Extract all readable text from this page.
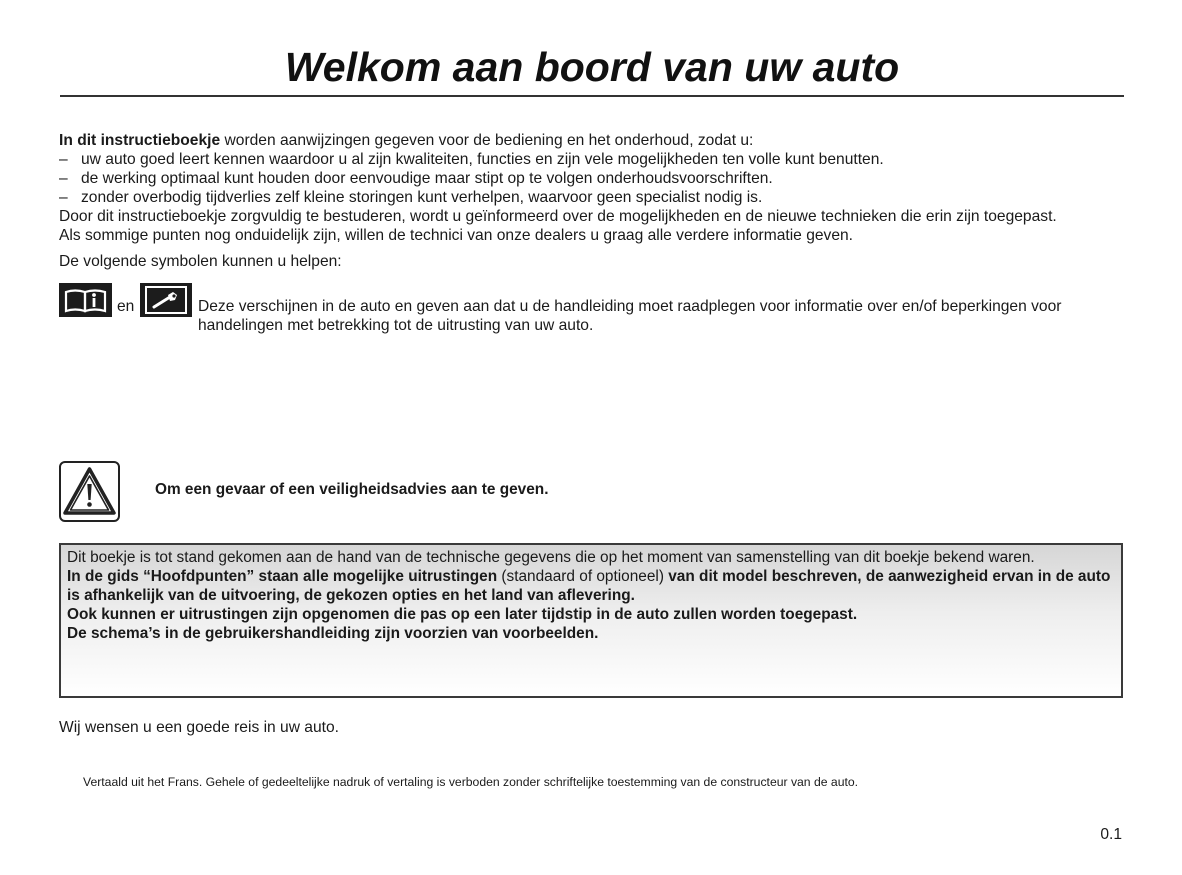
Welkom aan boord van uw auto
In dit instructieboekje worden aanwijzingen gegeven voor de bediening en het onderhoud, zodat u:
– uw auto goed leert kennen waardoor u al zijn kwaliteiten, functies en zijn vele mogelijkheden ten volle kunt benutten.
– de werking optimaal kunt houden door eenvoudige maar stipt op te volgen onderhoudsvoorschriften.
– zonder overbodig tijdverlies zelf kleine storingen kunt verhelpen, waarvoor geen specialist nodig is.
Door dit instructieboekje zorgvuldig te bestuderen, wordt u geïnformeerd over de mogelijkheden en de nieuwe technieken die erin zijn toegepast.
Als sommige punten nog onduidelijk zijn, willen de technici van onze dealers u graag alle verdere informatie geven.
De volgende symbolen kunnen u helpen:
en	Deze verschijnen in de auto en geven aan dat u de handleiding moet raadplegen voor informatie over en/of beperkingen voor handelingen met betrekking tot de uitrusting van uw auto.
Om een gevaar of een veiligheidsadvies aan te geven.
Dit boekje is tot stand gekomen aan de hand van de technische gegevens die op het moment van samenstelling van dit boekje bekend waren.
In de gids “Hoofdpunten” staan alle mogelijke uitrustingen (standaard of optioneel) van dit model beschreven, de aanwezigheid ervan in de auto is afhankelijk van de uitvoering, de gekozen opties en het land van aflevering.
Ook kunnen er uitrustingen zijn opgenomen die pas op een later tijdstip in de auto zullen worden toegepast.
De schema’s in de gebruikershandleiding zijn voorzien van voorbeelden.
Wij wensen u een goede reis in uw auto.
Vertaald uit het Frans. Gehele of gedeeltelijke nadruk of vertaling is verboden zonder schriftelijke toestemming van de constructeur van de auto.
0.1
